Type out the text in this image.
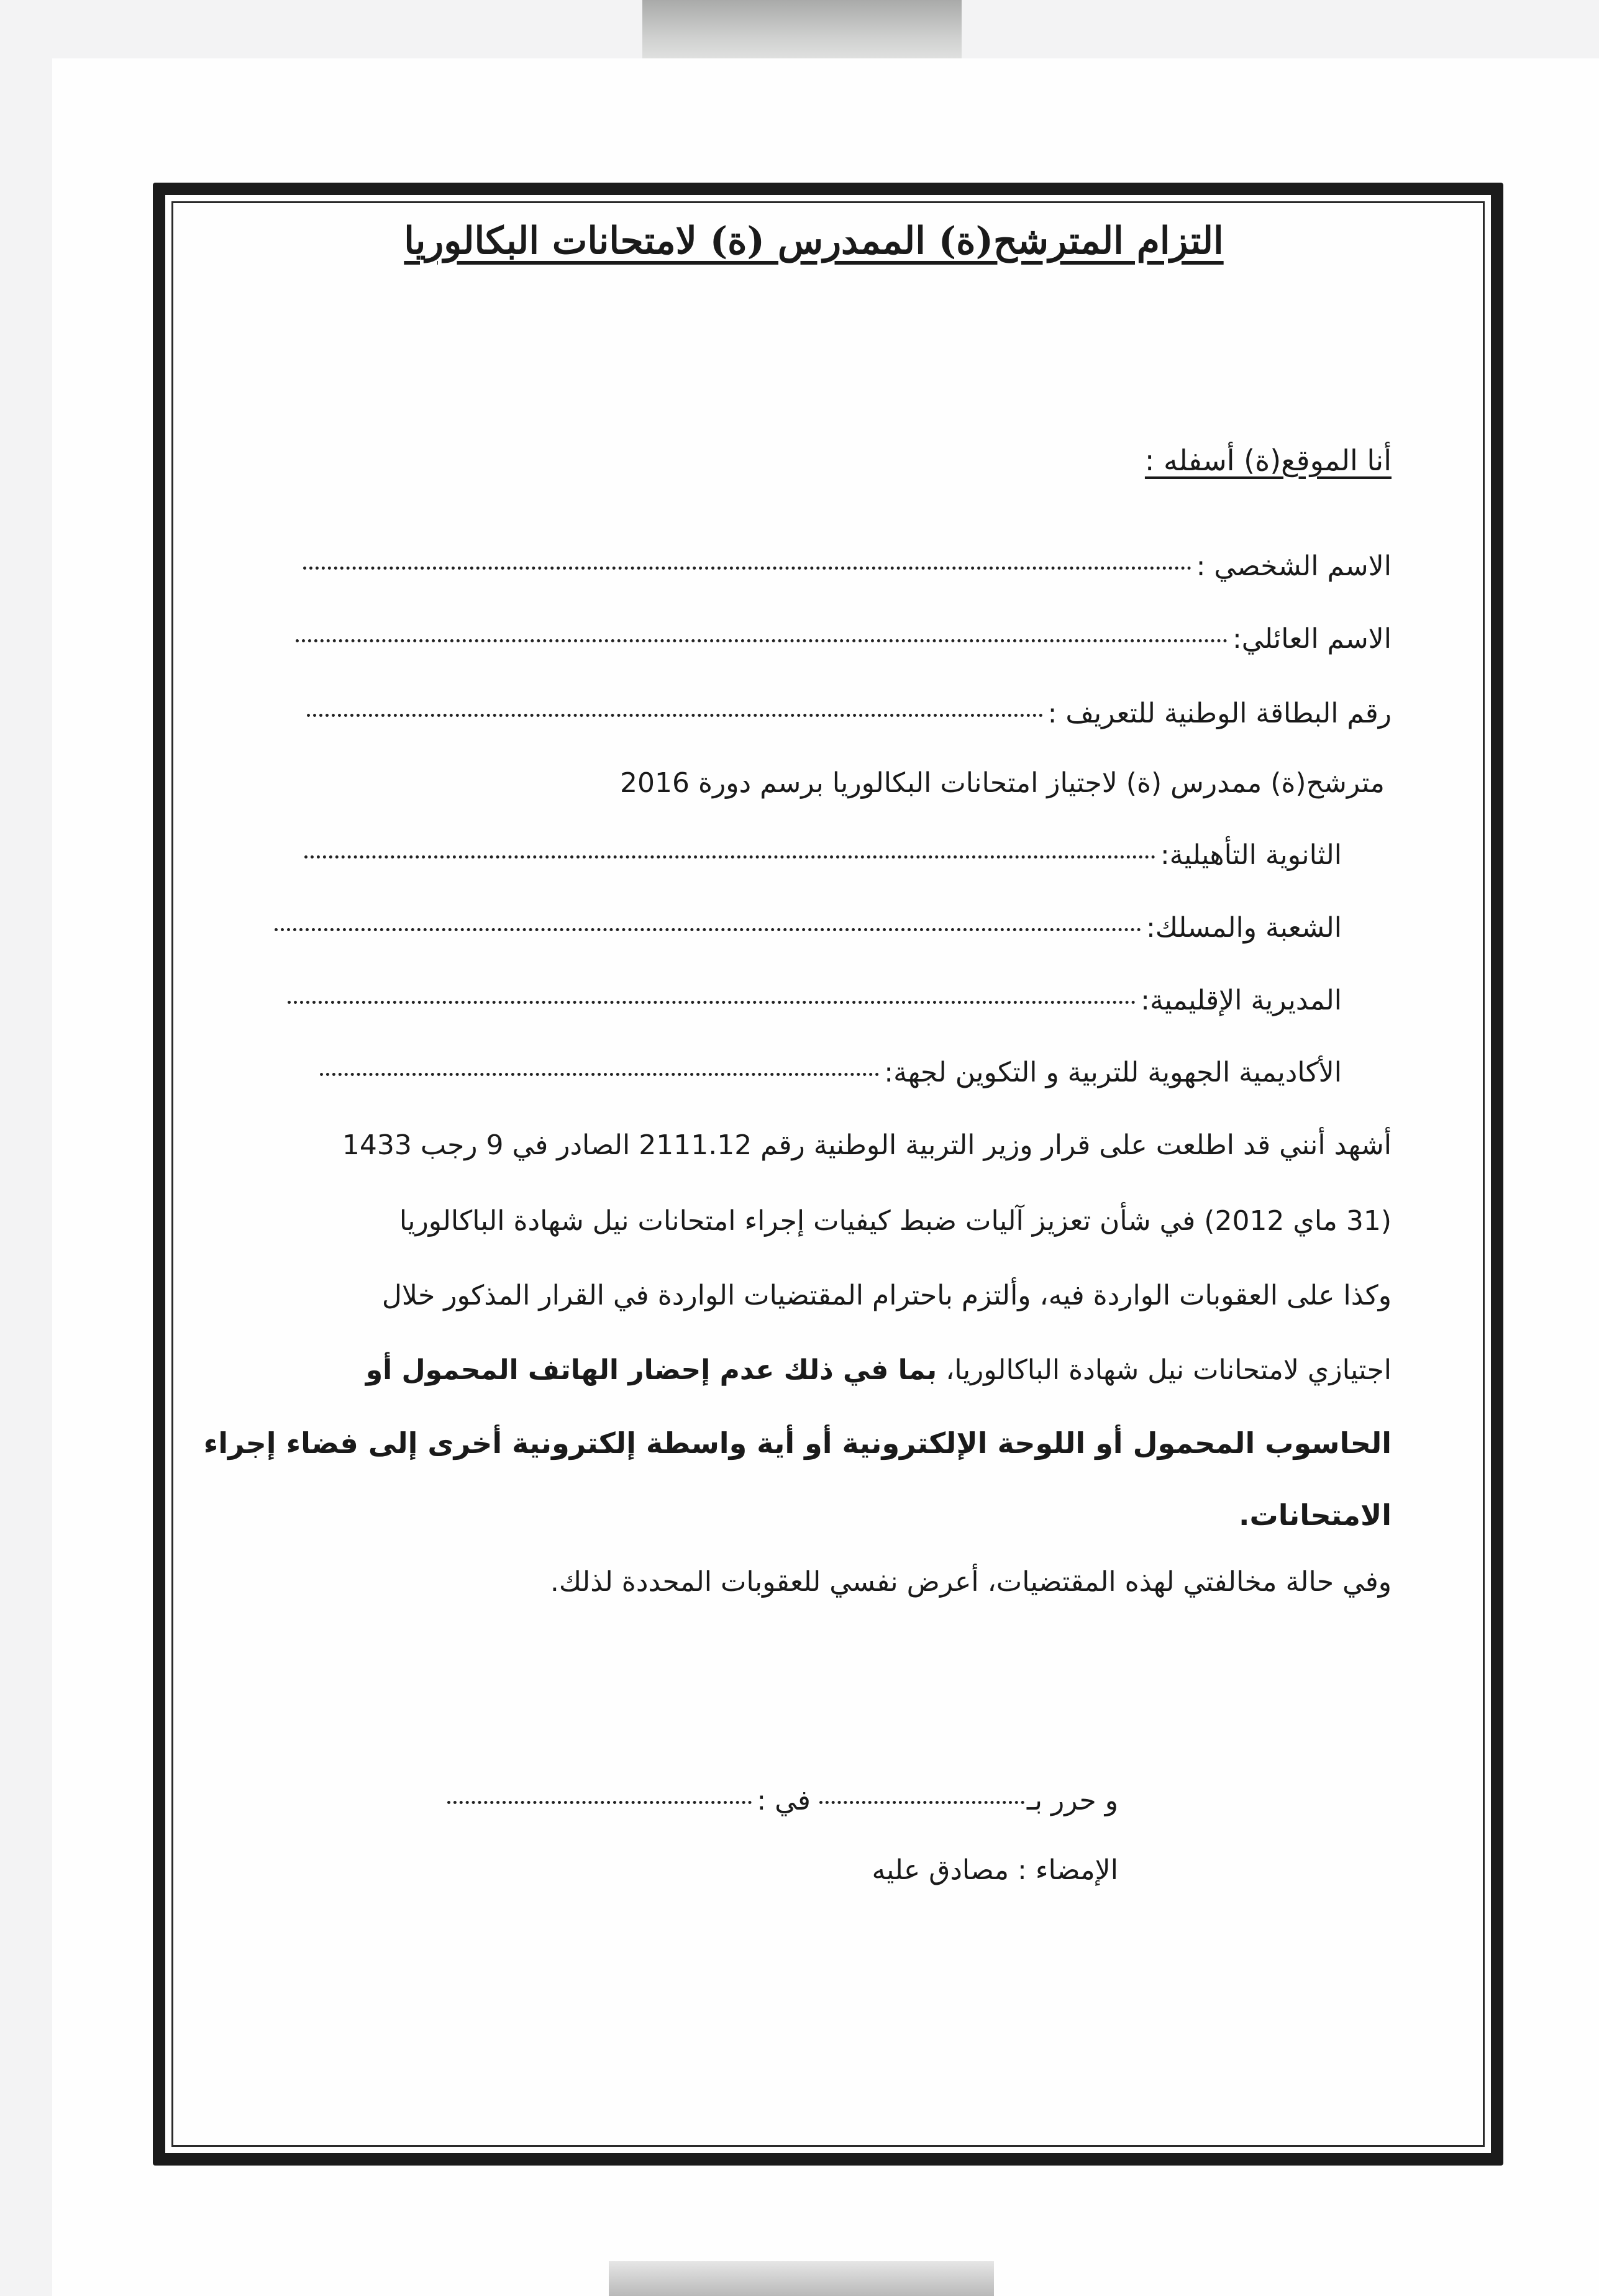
التزام المترشح(ة) الممدرس (ة) لامتحانات البكالوريا
أنا الموقع(ة) أسفله :
الاسم الشخصي :
الاسم العائلي:
رقم البطاقة الوطنية للتعريف :
مترشح(ة) ممدرس (ة) لاجتياز امتحانات البكالوريا برسم دورة 2016
الثانوية التأهيلية:
الشعبة والمسلك:
المديرية الإقليمية:
الأكاديمية الجهوية للتربية و التكوين لجهة:
أشهد أنني قد اطلعت على قرار وزير التربية الوطنية رقم 2111.12 الصادر في 9 رجب 1433
(31 ماي 2012) في شأن تعزيز آليات ضبط كيفيات إجراء امتحانات نيل شهادة الباكالوريا
وكذا على العقوبات الواردة فيه، وألتزم باحترام المقتضيات الواردة في القرار المذكور خلال
اجتيازي لامتحانات نيل شهادة الباكالوريا، بما في ذلك عدم إحضار الهاتف المحمول أو
الحاسوب المحمول أو اللوحة الإلكترونية أو أية واسطة إلكترونية أخرى إلى فضاء إجراء
الامتحانات.
وفي حالة مخالفتي لهذه المقتضيات، أعرض نفسي للعقوبات المحددة لذلك.
و حرر بـ في :
الإمضاء : مصادق عليه
